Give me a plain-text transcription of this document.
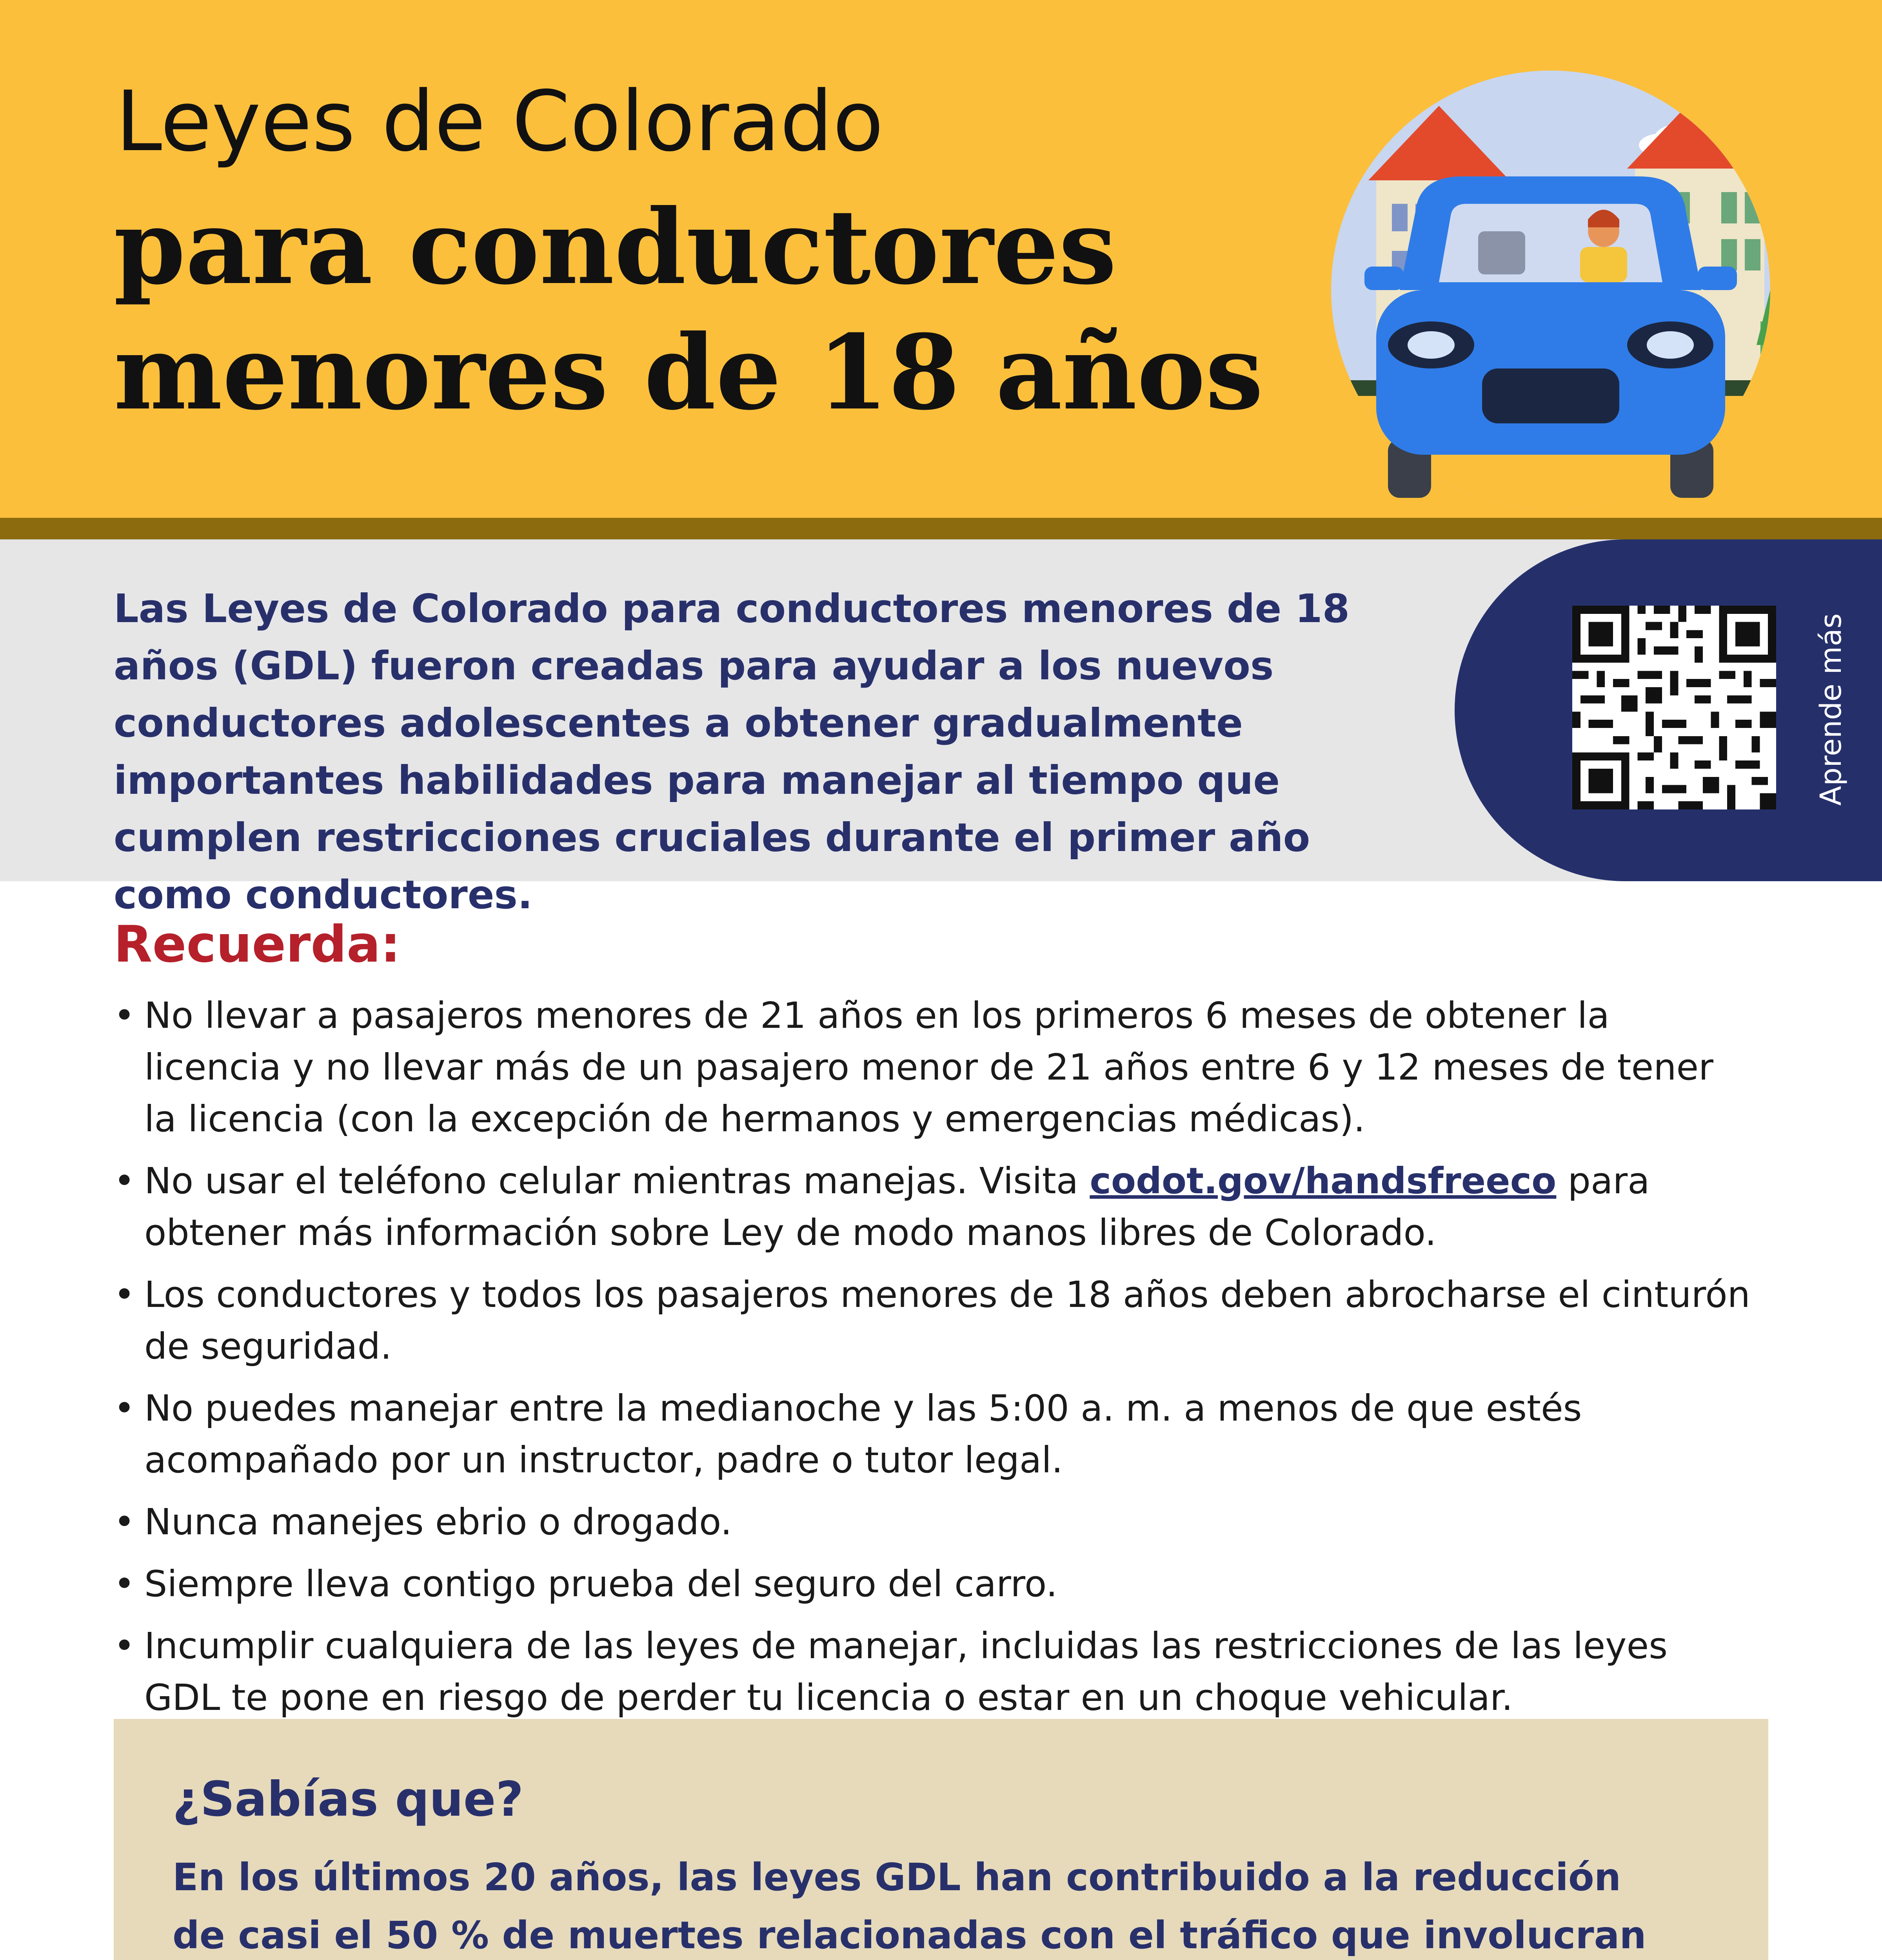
Leyes de Colorado
para conductores
menores de 18 años
Las Leyes de Colorado para conductores menores de 18 años (GDL) fueron creadas para ayudar a los nuevos conductores adolescentes a obtener gradualmente importantes habilidades para manejar al tiempo que cumplen restricciones cruciales durante el primer año como conductores.
Aprende más
Recuerda:
• No llevar a pasajeros menores de 21 años en los primeros 6 meses de obtener la licencia y no llevar más de un pasajero menor de 21 años entre 6 y 12 meses de tener la licencia (con la excepción de hermanos y emergencias médicas).
• No usar el teléfono celular mientras manejas. Visita codot.gov/handsfreeco para obtener más información sobre Ley de modo manos libres de Colorado.
• Los conductores y todos los pasajeros menores de 18 años deben abrocharse el cinturón de seguridad.
• No puedes manejar entre la medianoche y las 5:00 a. m. a menos de que estés acompañado por un instructor, padre o tutor legal.
• Nunca manejes ebrio o drogado.
• Siempre lleva contigo prueba del seguro del carro.
• Incumplir cualquiera de las leyes de manejar, incluidas las restricciones de las leyes GDL te pone en riesgo de perder tu licencia o estar en un choque vehicular.
¿Sabías que?
En los últimos 20 años, las leyes GDL han contribuido a la reducción de casi el 50 % de muertes relacionadas con el tráfico que involucran
